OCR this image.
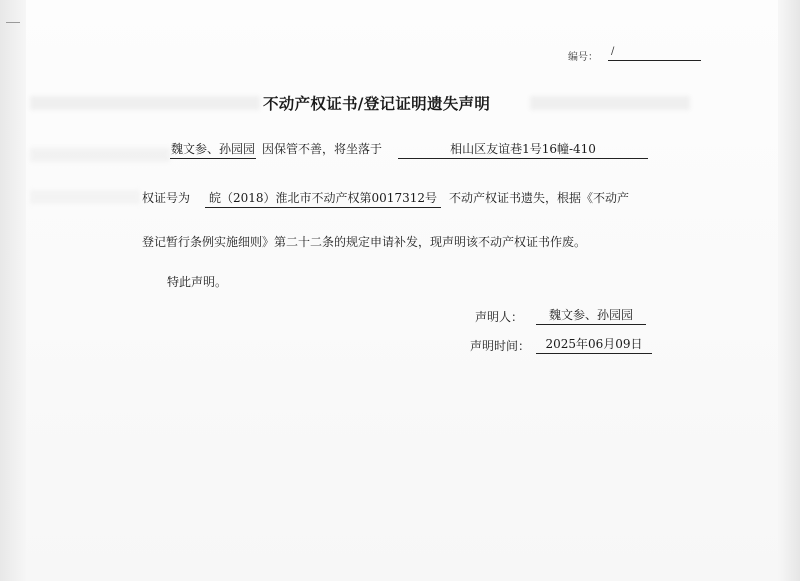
编号：
/
不动产权证书/登记证明遗失声明
魏文参、孙园园 因保管不善，将坐落于	相山区友谊巷1号16幢-410
权证号为	皖（2018）淮北市不动产权第0017312号	不动产权证书遗失，根据《不动产
登记暂行条例实施细则》第二十二条的规定申请补发，现声明该不动产权证书作废。
特此声明。
声明人：	魏文参、孙园园
声明时间：	2025年06月09日
